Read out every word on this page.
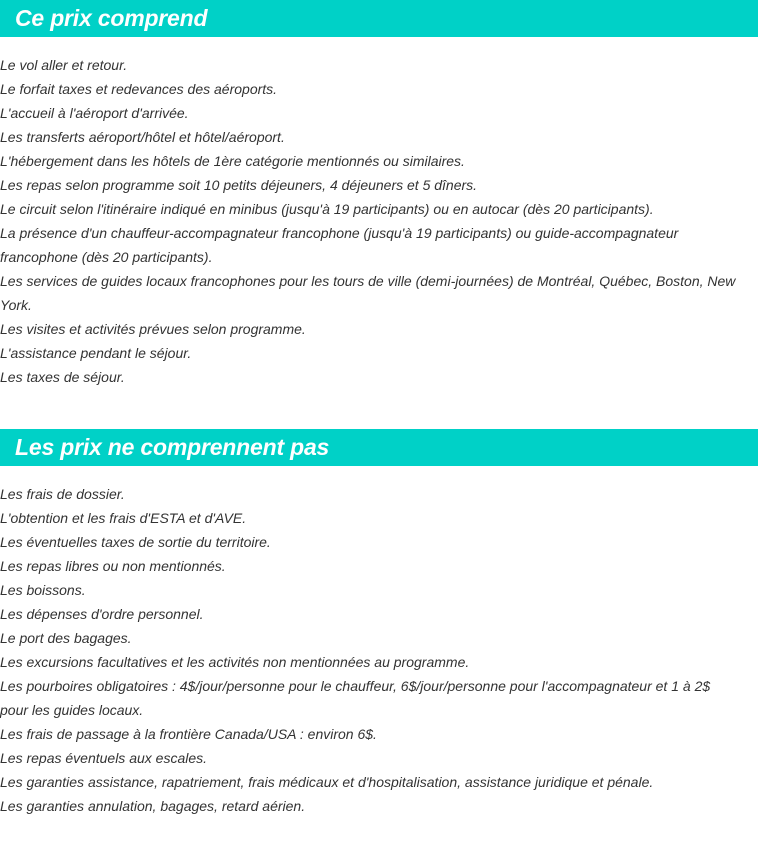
Ce prix comprend
Le vol aller et retour.
Le forfait taxes et redevances des aéroports.
L'accueil à l'aéroport d'arrivée.
Les transferts aéroport/hôtel et hôtel/aéroport.
L'hébergement dans les hôtels de 1ère catégorie mentionnés ou similaires.
Les repas selon programme soit 10 petits déjeuners, 4 déjeuners et 5 dîners.
Le circuit selon l'itinéraire indiqué en minibus (jusqu'à 19 participants) ou en autocar (dès 20 participants).
La présence d'un chauffeur-accompagnateur francophone (jusqu'à 19 participants) ou guide-accompagnateur francophone (dès 20 participants).
Les services de guides locaux francophones pour les tours de ville (demi-journées) de Montréal, Québec, Boston, New York.
Les visites et activités prévues selon programme.
L'assistance pendant le séjour.
Les taxes de séjour.
Les prix ne comprennent pas
Les frais de dossier.
L'obtention et les frais d'ESTA et d'AVE.
Les éventuelles taxes de sortie du territoire.
Les repas libres ou non mentionnés.
Les boissons.
Les dépenses d'ordre personnel.
Le port des bagages.
Les excursions facultatives et les activités non mentionnées au programme.
Les pourboires obligatoires : 4$/jour/personne pour le chauffeur, 6$/jour/personne pour l'accompagnateur et 1 à 2$ pour les guides locaux.
Les frais de passage à la frontière Canada/USA : environ 6$.
Les repas éventuels aux escales.
Les garanties assistance, rapatriement, frais médicaux et d'hospitalisation, assistance juridique et pénale.
Les garanties annulation, bagages, retard aérien.
